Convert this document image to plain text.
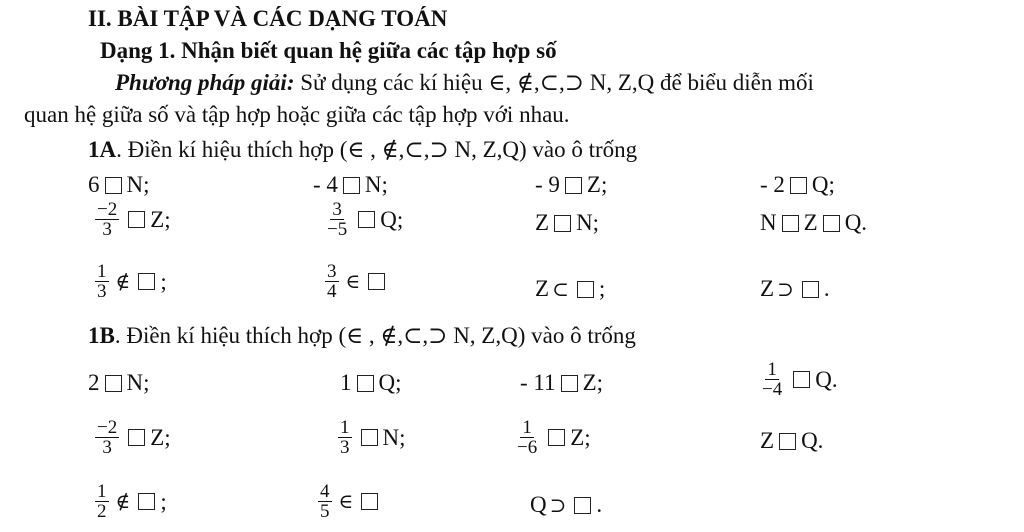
II. BÀI TẬP VÀ CÁC DẠNG TOÁN
Dạng 1. Nhận biết quan hệ giữa các tập hợp số
Phương pháp giải: Sử dụng các kí hiệu ∈, ∉,⊂,⊃ N, Z,Q để biểu diễn mối
quan hệ giữa số và tập hợp hoặc giữa các tập hợp với nhau.
1A. Điền kí hiệu thích hợp (∈ , ∉,⊂,⊃ N, Z,Q) vào ô trống
6 N;	- 4 N;	- 9 Z;	- 2 Q;
$\frac{-2}{3} Z$;	$\frac{3}{-5} Q$;	Z N;	N Z Q.
$\frac{1}{3}$ ∉ ;	$\frac{3}{4}$ ∈	Z ⊂ ;	Z ⊃ .
1B. Điền kí hiệu thích hợp (∈ , ∉,⊂,⊃ N, Z,Q) vào ô trống
2 N;	1 Q;	- 11 Z;	$\frac{1}{-4} Q$.
$\frac{-2}{3} Z$;	$\frac{1}{3} N$;	$\frac{1}{-6} Z$;	Z Q.
$\frac{1}{2}$ ∉ ;	$\frac{4}{5}$ ∈	Q ⊃ .
